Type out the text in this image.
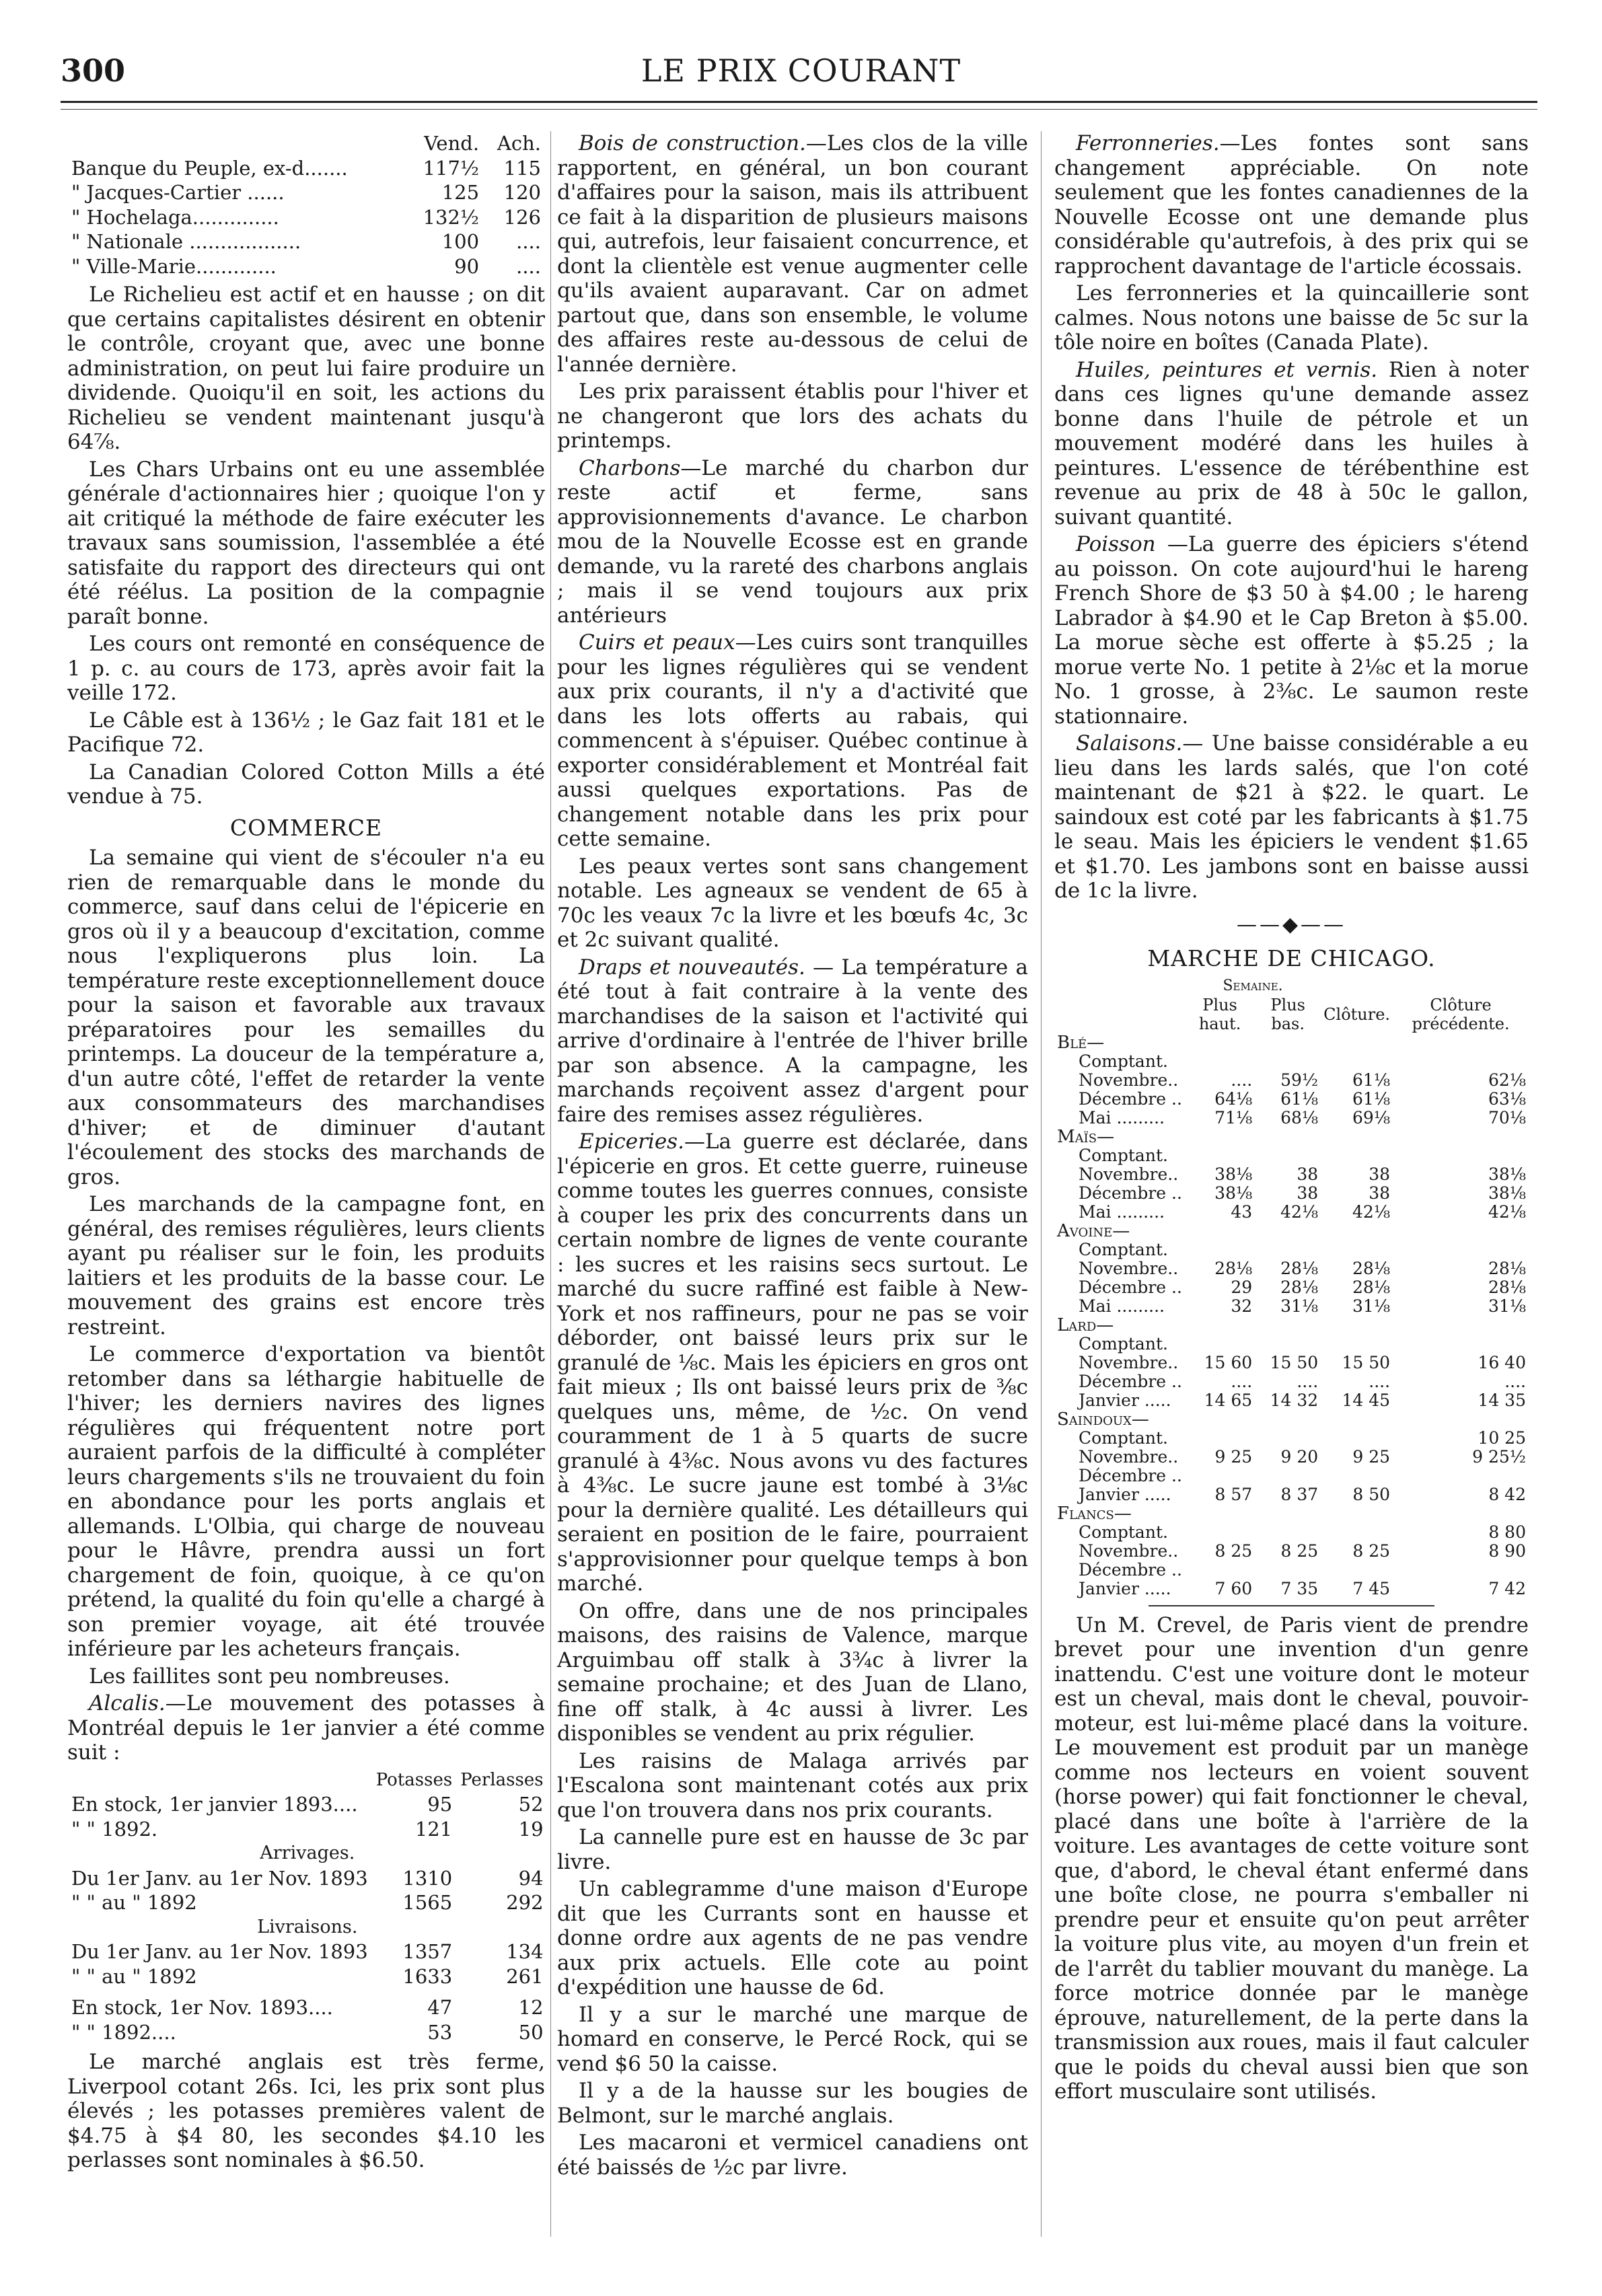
300	LE PRIX COURANT
	Vend.	Ach.
Banque du Peuple, ex-d.......	117½	115
" Jacques-Cartier ......	125	120
" Hochelaga..............	132½	126
" Nationale ..................	100	....
" Ville-Marie.............	90	....

Le Richelieu est actif et en hausse ; on dit que certains capitalistes désirent en obtenir le contrôle, croyant que, avec une bonne administration, on peut lui faire produire un dividende. Quoiqu'il en soit, les actions du Richelieu se vendent maintenant jusqu'à 64⅞.

Les Chars Urbains ont eu une assemblée générale d'actionnaires hier ; quoique l'on y ait critiqué la méthode de faire exécuter les travaux sans soumission, l'assemblée a été satisfaite du rapport des directeurs qui ont été réélus. La position de la compagnie paraît bonne.

Les cours ont remonté en conséquence de 1 p. c. au cours de 173, après avoir fait la veille 172.

Le Câble est à 136½ ; le Gaz fait 181 et le Pacifique 72.

La Canadian Colored Cotton Mills a été vendue à 75.

COMMERCE

La semaine qui vient de s'écouler n'a eu rien de remarquable dans le monde du commerce, sauf dans celui de l'épicerie en gros où il y a beaucoup d'excitation, comme nous l'expliquerons plus loin. La température reste exceptionnellement douce pour la saison et favorable aux travaux préparatoires pour les semailles du printemps. La douceur de la température a, d'un autre côté, l'effet de retarder la vente aux consommateurs des marchandises d'hiver; et de diminuer d'autant l'écoulement des stocks des marchands de gros.

Les marchands de la campagne font, en général, des remises régulières, leurs clients ayant pu réaliser sur le foin, les produits laitiers et les produits de la basse cour. Le mouvement des grains est encore très restreint.

Le commerce d'exportation va bientôt retomber dans sa léthargie habituelle de l'hiver; les derniers navires des lignes régulières qui fréquentent notre port auraient parfois de la difficulté à compléter leurs chargements s'ils ne trouvaient du foin en abondance pour les ports anglais et allemands. L'Olbia, qui charge de nouveau pour le Hâvre, prendra aussi un fort chargement de foin, quoique, à ce qu'on prétend, la qualité du foin qu'elle a chargé à son premier voyage, ait été trouvée inférieure par les acheteurs français.

Les faillites sont peu nombreuses.

Alcalis.—Le mouvement des potasses à Montréal depuis le 1er janvier a été comme suit :

	Potasses	Perlasses
En stock, 1er janvier 1893....	95	52
" " 1892.	121	19
Arrivages.		
Du 1er Janv. au 1er Nov. 1893	1310	94
" " au " 1892	1565	292
Livraisons.		
Du 1er Janv. au 1er Nov. 1893	1357	134
" " au " 1892	1633	261

En stock, 1er Nov. 1893....	47	12
" " 1892....	53	50

Le marché anglais est très ferme, Liverpool cotant 26s. Ici, les prix sont plus élevés ; les potasses premières valent de $4.75 à $4 80, les secondes $4.10 les perlasses sont nominales à $6.50.

Bois de construction.—Les clos de la ville rapportent, en général, un bon courant d'affaires pour la saison, mais ils attribuent ce fait à la disparition de plusieurs maisons qui, autrefois, leur faisaient concurrence, et dont la clientèle est venue augmenter celle qu'ils avaient auparavant. Car on admet partout que, dans son ensemble, le volume des affaires reste au-dessous de celui de l'année dernière.

Les prix paraissent établis pour l'hiver et ne changeront que lors des achats du printemps.

Charbons—Le marché du charbon dur reste actif et ferme, sans approvisionnements d'avance. Le charbon mou de la Nouvelle Ecosse est en grande demande, vu la rareté des charbons anglais ; mais il se vend toujours aux prix antérieurs

Cuirs et peaux—Les cuirs sont tranquilles pour les lignes régulières qui se vendent aux prix courants, il n'y a d'activité que dans les lots offerts au rabais, qui commencent à s'épuiser. Québec continue à exporter considérablement et Montréal fait aussi quelques exportations. Pas de changement notable dans les prix pour cette semaine.

Les peaux vertes sont sans changement notable. Les agneaux se vendent de 65 à 70c les veaux 7c la livre et les bœufs 4c, 3c et 2c suivant qualité.

Draps et nouveautés. — La température a été tout à fait contraire à la vente des marchandises de la saison et l'activité qui arrive d'ordinaire à l'entrée de l'hiver brille par son absence. A la campagne, les marchands reçoivent assez d'argent pour faire des remises assez régulières.

Epiceries.—La guerre est déclarée, dans l'épicerie en gros. Et cette guerre, ruineuse comme toutes les guerres connues, consiste à couper les prix des concurrents dans un certain nombre de lignes de vente courante : les sucres et les raisins secs surtout. Le marché du sucre raffiné est faible à New-York et nos raffineurs, pour ne pas se voir déborder, ont baissé leurs prix sur le granulé de ⅛c. Mais les épiciers en gros ont fait mieux ; Ils ont baissé leurs prix de ⅜c quelques uns, même, de ½c. On vend couramment de 1 à 5 quarts de sucre granulé à 4⅜c. Nous avons vu des factures à 4⅜c. Le sucre jaune est tombé à 3⅛c pour la dernière qualité. Les détailleurs qui seraient en position de le faire, pourraient s'approvisionner pour quelque temps à bon marché.

On offre, dans une de nos principales maisons, des raisins de Valence, marque Arguimbau off stalk à 3¾c à livrer la semaine prochaine; et des Juan de Llano, fine off stalk, à 4c aussi à livrer. Les disponibles se vendent au prix régulier.

Les raisins de Malaga arrivés par l'Escalona sont maintenant cotés aux prix que l'on trouvera dans nos prix courants.

La cannelle pure est en hausse de 3c par livre.

Un cablegramme d'une maison d'Europe dit que les Currants sont en hausse et donne ordre aux agents de ne pas vendre aux prix actuels. Elle cote au point d'expédition une hausse de 6d.

Il y a sur le marché une marque de homard en conserve, le Percé Rock, qui se vend $6 50 la caisse.

Il y a de la hausse sur les bougies de Belmont, sur le marché anglais.

Les macaroni et vermicel canadiens ont été baissés de ½c par livre.

Ferronneries.—Les fontes sont sans changement appréciable. On note seulement que les fontes canadiennes de la Nouvelle Ecosse ont une demande plus considérable qu'autrefois, à des prix qui se rapprochent davantage de l'article écossais.

Les ferronneries et la quincaillerie sont calmes. Nous notons une baisse de 5c sur la tôle noire en boîtes (Canada Plate).

Huiles, peintures et vernis. Rien à noter dans ces lignes qu'une demande assez bonne dans l'huile de pétrole et un mouvement modéré dans les huiles à peintures. L'essence de térébenthine est revenue au prix de 48 à 50c le gallon, suivant quantité.

Poisson —La guerre des épiciers s'étend au poisson. On cote aujourd'hui le hareng French Shore de $3 50 à $4.00 ; le hareng Labrador à $4.90 et le Cap Breton à $5.00. La morue sèche est offerte à $5.25 ; la morue verte No. 1 petite à 2⅛c et la morue No. 1 grosse, à 2⅜c. Le saumon reste stationnaire.

Salaisons.— Une baisse considérable a eu lieu dans les lards salés, que l'on coté maintenant de $21 à $22. le quart. Le saindoux est coté par les fabricants à $1.75 le seau. Mais les épiciers le vendent $1.65 et $1.70. Les jambons sont en baisse aussi de 1c la livre.

——◆——

MARCHE DE CHICAGO.

	Semaine.			
	Plus haut.	Plus bas.	Clôture.	Clôture précédente.
Blé—				
Comptant.				
Novembre..	....	59½	61⅛	62⅛
Décembre ..	64⅛	61⅛	61⅛	63⅛
Mai .........	71⅛	68⅛	69⅛	70⅛
Maïs—				
Comptant.				
Novembre..	38⅛	38	38	38⅛
Décembre ..	38⅛	38	38	38⅛
Mai .........	43	42⅛	42⅛	42⅛
Avoine—				
Comptant.				
Novembre..	28⅛	28⅛	28⅛	28⅛
Décembre ..	29	28⅛	28⅛	28⅛
Mai .........	32	31⅛	31⅛	31⅛
Lard—				
Comptant.				
Novembre..	15 60	15 50	15 50	16 40
Décembre ..	....	....	....	....
Janvier .....	14 65	14 32	14 45	14 35
Saindoux—				
Comptant.				10 25
Novembre..	9 25	9 20	9 25	9 25½
Décembre ..				
Janvier .....	8 57	8 37	8 50	8 42
Flancs—				
Comptant.				8 80
Novembre..	8 25	8 25	8 25	8 90
Décembre ..				
Janvier .....	7 60	7 35	7 45	7 42

Un M. Crevel, de Paris vient de prendre brevet pour une invention d'un genre inattendu. C'est une voiture dont le moteur est un cheval, mais dont le cheval, pouvoir-moteur, est lui-même placé dans la voiture. Le mouvement est produit par un manège comme nos lecteurs en voient souvent (horse power) qui fait fonctionner le cheval, placé dans une boîte à l'arrière de la voiture. Les avantages de cette voiture sont que, d'abord, le cheval étant enfermé dans une boîte close, ne pourra s'emballer ni prendre peur et ensuite qu'on peut arrêter la voiture plus vite, au moyen d'un frein et de l'arrêt du tablier mouvant du manège. La force motrice donnée par le manège éprouve, naturellement, de la perte dans la transmission aux roues, mais il faut calculer que le poids du cheval aussi bien que son effort musculaire sont utilisés.
